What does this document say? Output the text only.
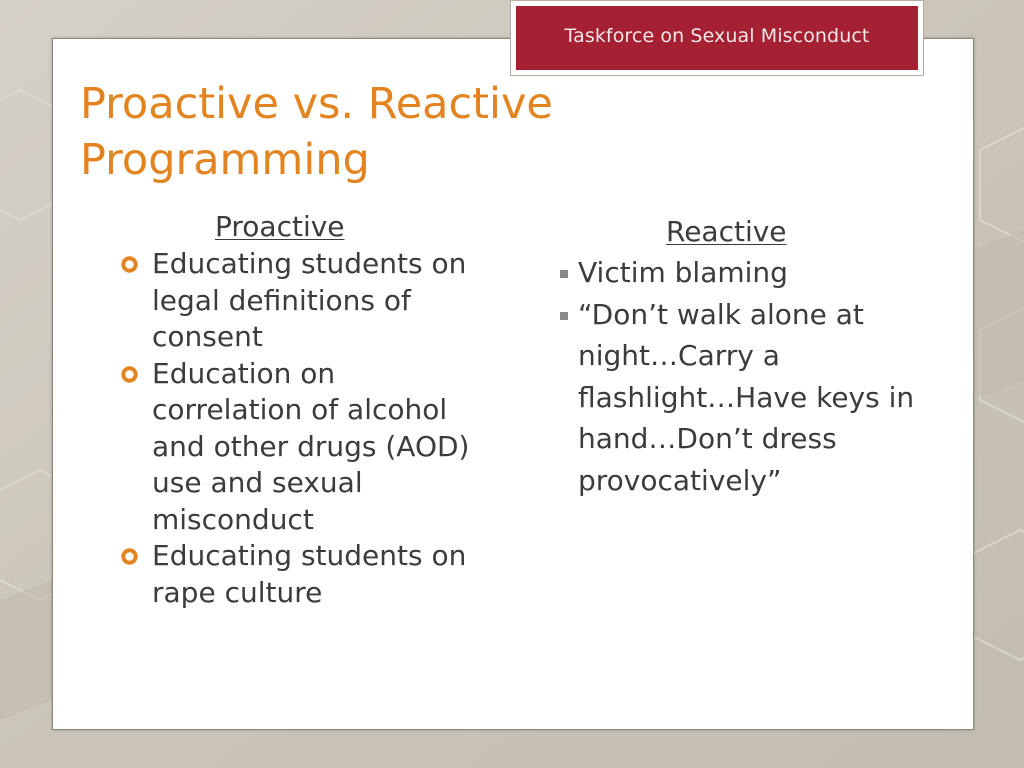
Taskforce on Sexual Misconduct
Proactive vs. Reactive Programming
Proactive
Educating students on legal definitions of consent
Education on correlation of alcohol and other drugs (AOD) use and sexual misconduct
Educating students on rape culture
Reactive
Victim blaming
“Don’t walk alone at night…Carry a flashlight…Have keys in hand…Don’t dress provocatively”
